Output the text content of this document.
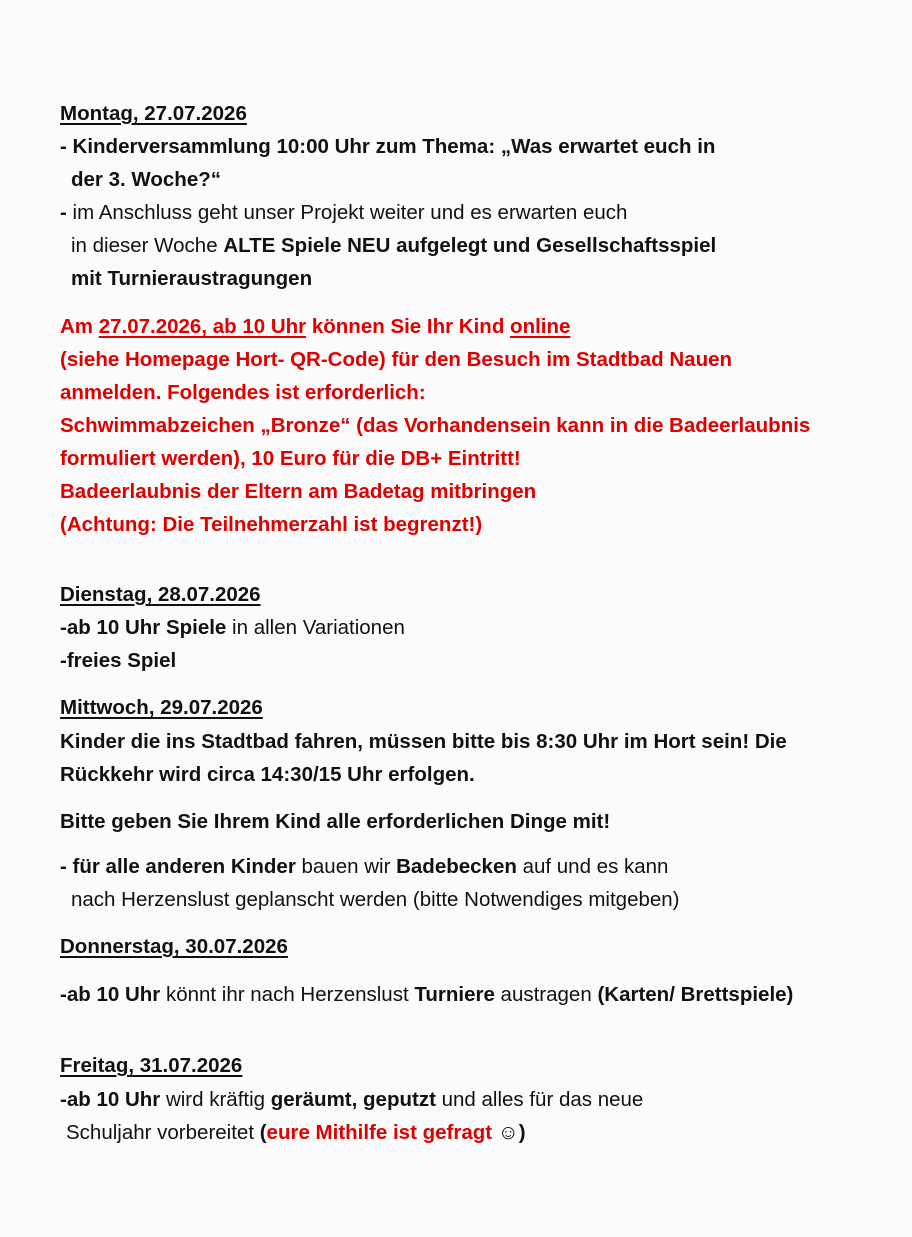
Montag, 27.07.2026
- Kinderversammlung 10:00 Uhr zum Thema: „Was erwartet euch in
der 3. Woche?“
- im Anschluss geht unser Projekt weiter und es erwarten euch
in dieser Woche ALTE Spiele NEU aufgelegt und Gesellschaftsspiel
mit Turnieraustragungen
Am 27.07.2026, ab 10 Uhr können Sie Ihr Kind online
(siehe Homepage Hort- QR-Code) für den Besuch im Stadtbad Nauen
anmelden. Folgendes ist erforderlich:
Schwimmabzeichen „Bronze“ (das Vorhandensein kann in die Badeerlaubnis
formuliert werden), 10 Euro für die DB+ Eintritt!
Badeerlaubnis der Eltern am Badetag mitbringen
(Achtung: Die Teilnehmerzahl ist begrenzt!)
Dienstag, 28.07.2026
-ab 10 Uhr Spiele in allen Variationen
-freies Spiel
Mittwoch, 29.07.2026
Kinder die ins Stadtbad fahren, müssen bitte bis 8:30 Uhr im Hort sein! Die
Rückkehr wird circa 14:30/15 Uhr erfolgen.
Bitte geben Sie Ihrem Kind alle erforderlichen Dinge mit!
- für alle anderen Kinder bauen wir Badebecken auf und es kann
nach Herzenslust geplanscht werden (bitte Notwendiges mitgeben)
Donnerstag, 30.07.2026
-ab 10 Uhr könnt ihr nach Herzenslust Turniere austragen (Karten/ Brettspiele)
Freitag, 31.07.2026
-ab 10 Uhr wird kräftig geräumt, geputzt und alles für das neue
Schuljahr vorbereitet (eure Mithilfe ist gefragt ☺)
